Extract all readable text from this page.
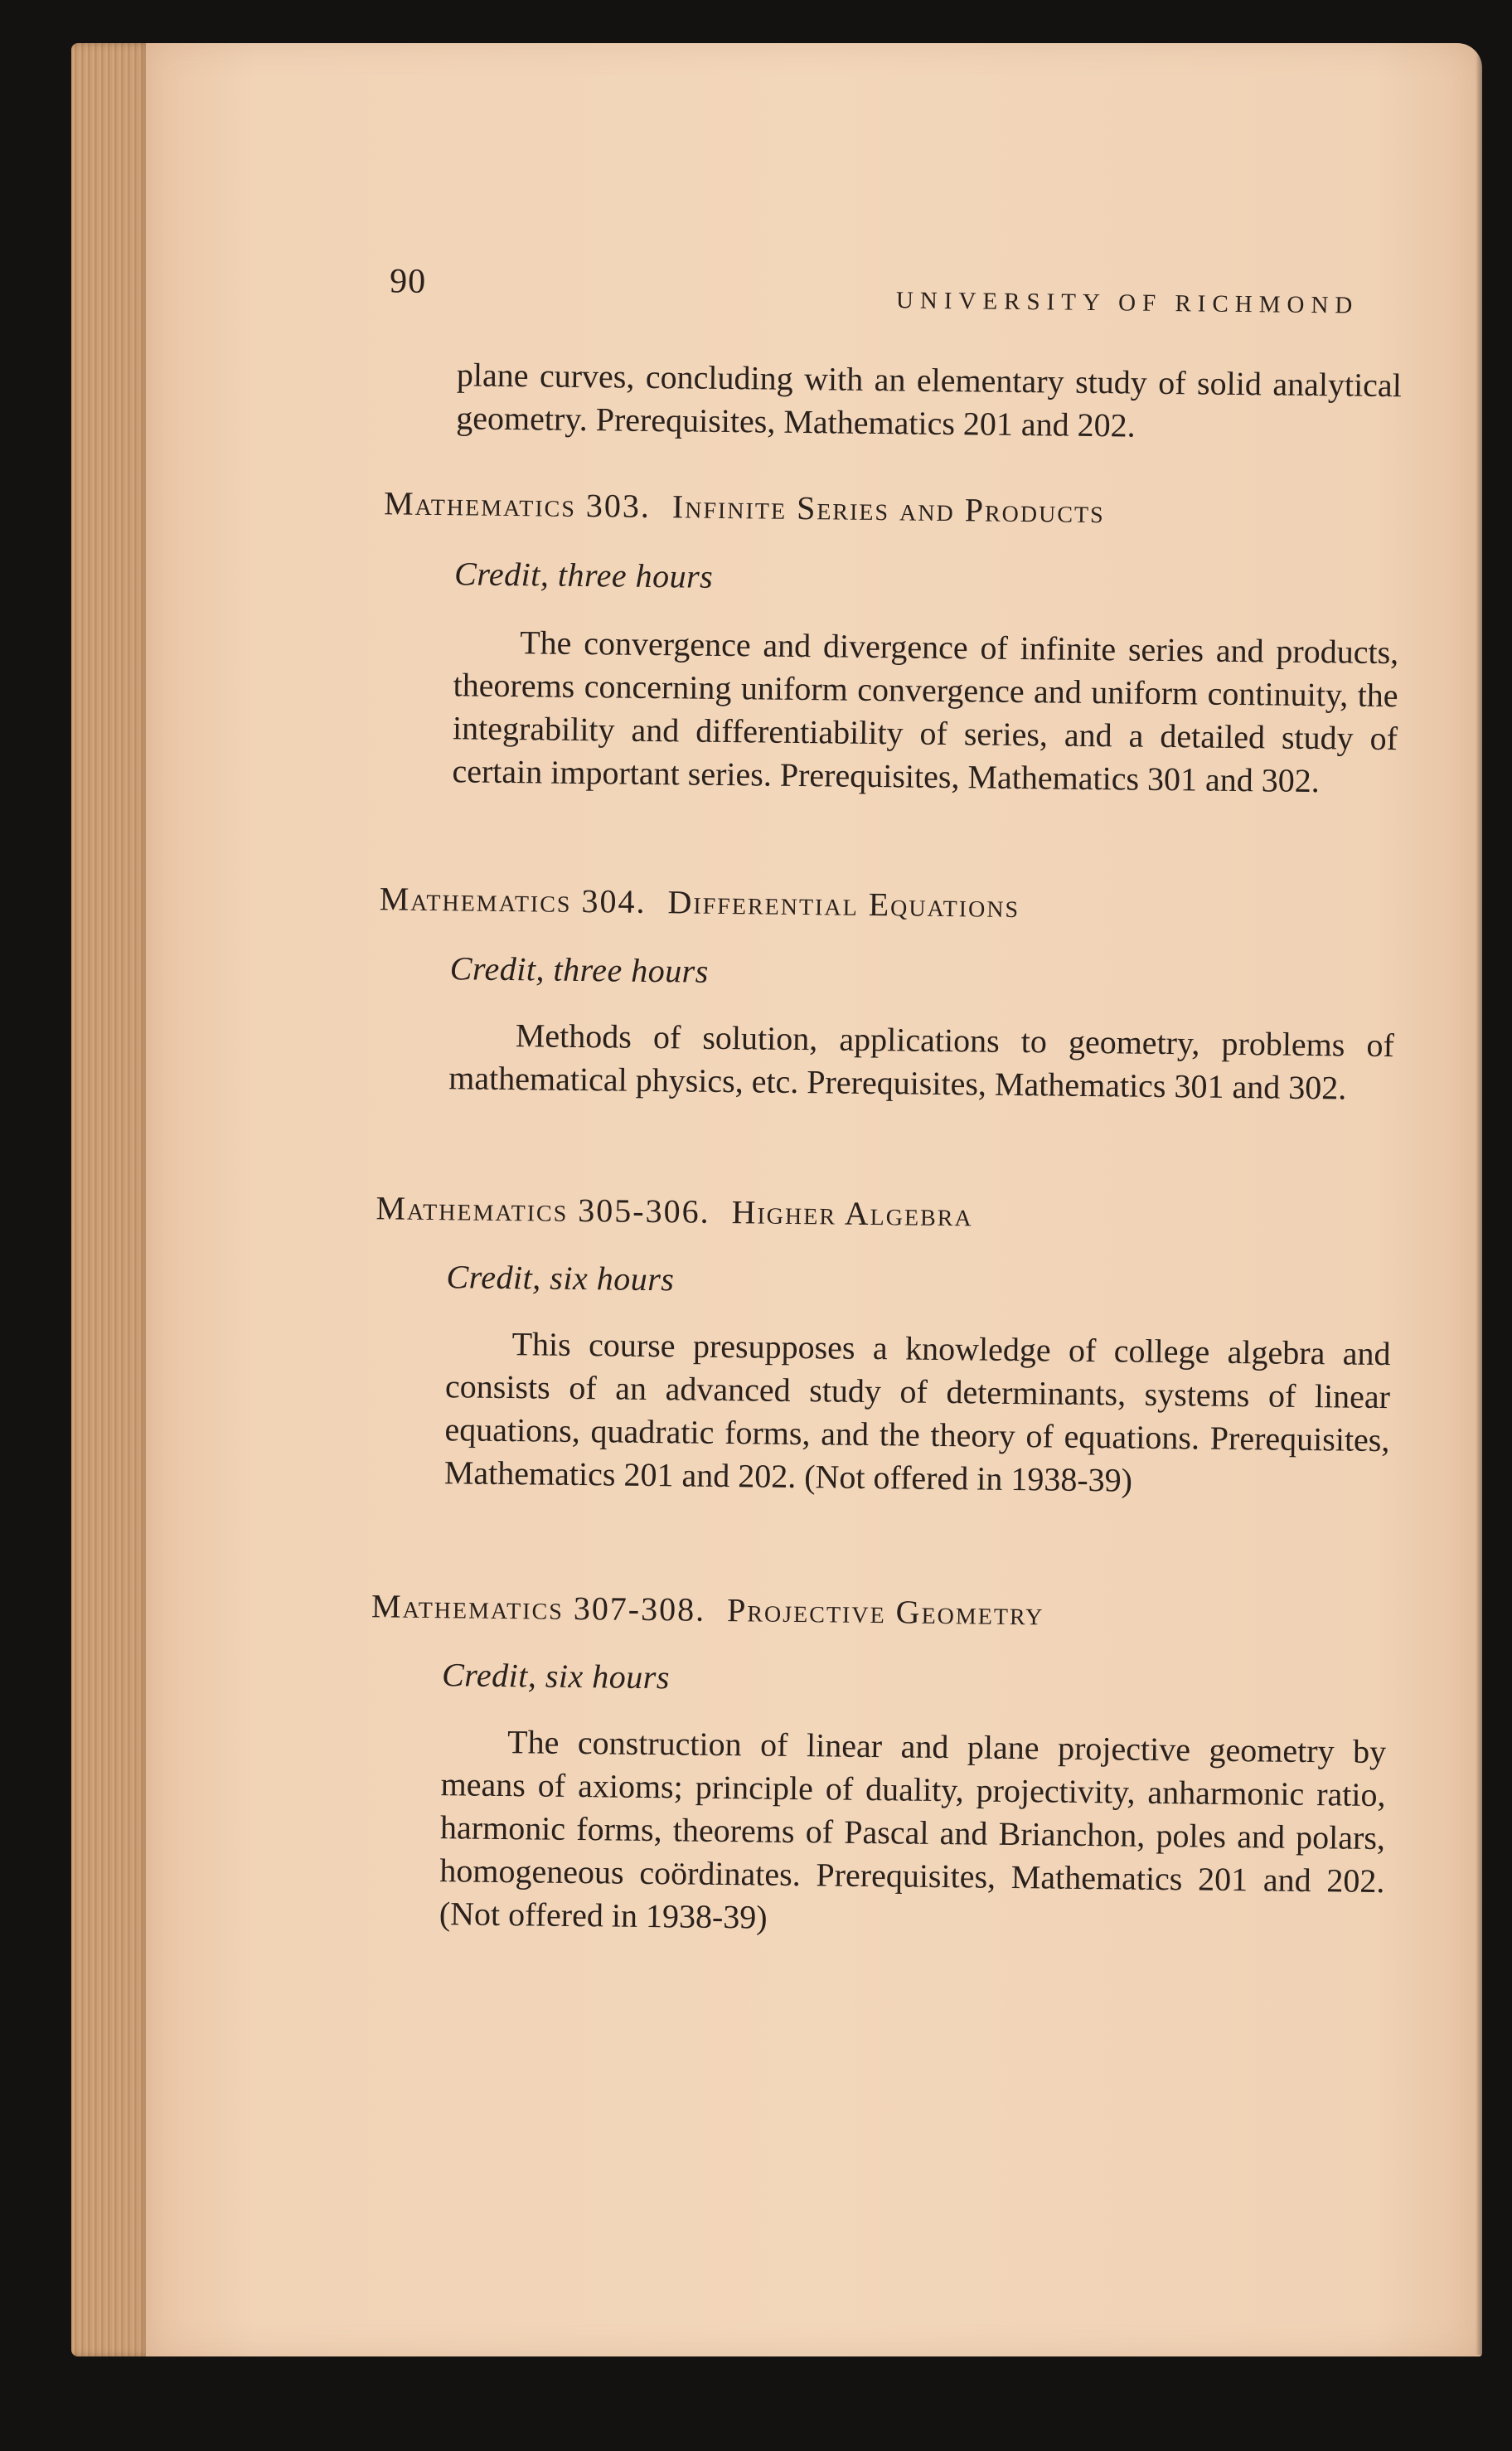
90
UNIVERSITY OF RICHMOND
plane curves, concluding with an elementary study of solid analytical geometry. Prerequisites, Mathematics 201 and 202.
Mathematics 303. Infinite Series and Products
Credit, three hours
The convergence and divergence of infinite series and products, theorems concerning uniform convergence and uniform continuity, the integrability and differentiability of series, and a detailed study of certain important series. Prerequisites, Mathematics 301 and 302.
Mathematics 304. Differential Equations
Credit, three hours
Methods of solution, applications to geometry, problems of mathematical physics, etc. Prerequisites, Mathematics 301 and 302.
Mathematics 305-306. Higher Algebra
Credit, six hours
This course presupposes a knowledge of college algebra and consists of an advanced study of determinants, systems of linear equations, quadratic forms, and the theory of equations. Prerequisites, Mathematics 201 and 202. (Not offered in 1938-39)
Mathematics 307-308. Projective Geometry
Credit, six hours
The construction of linear and plane projective geometry by means of axioms; principle of duality, projectivity, anharmonic ratio, harmonic forms, theorems of Pascal and Brianchon, poles and polars, homogeneous coördinates. Prerequisites, Mathematics 201 and 202. (Not offered in 1938-39)
